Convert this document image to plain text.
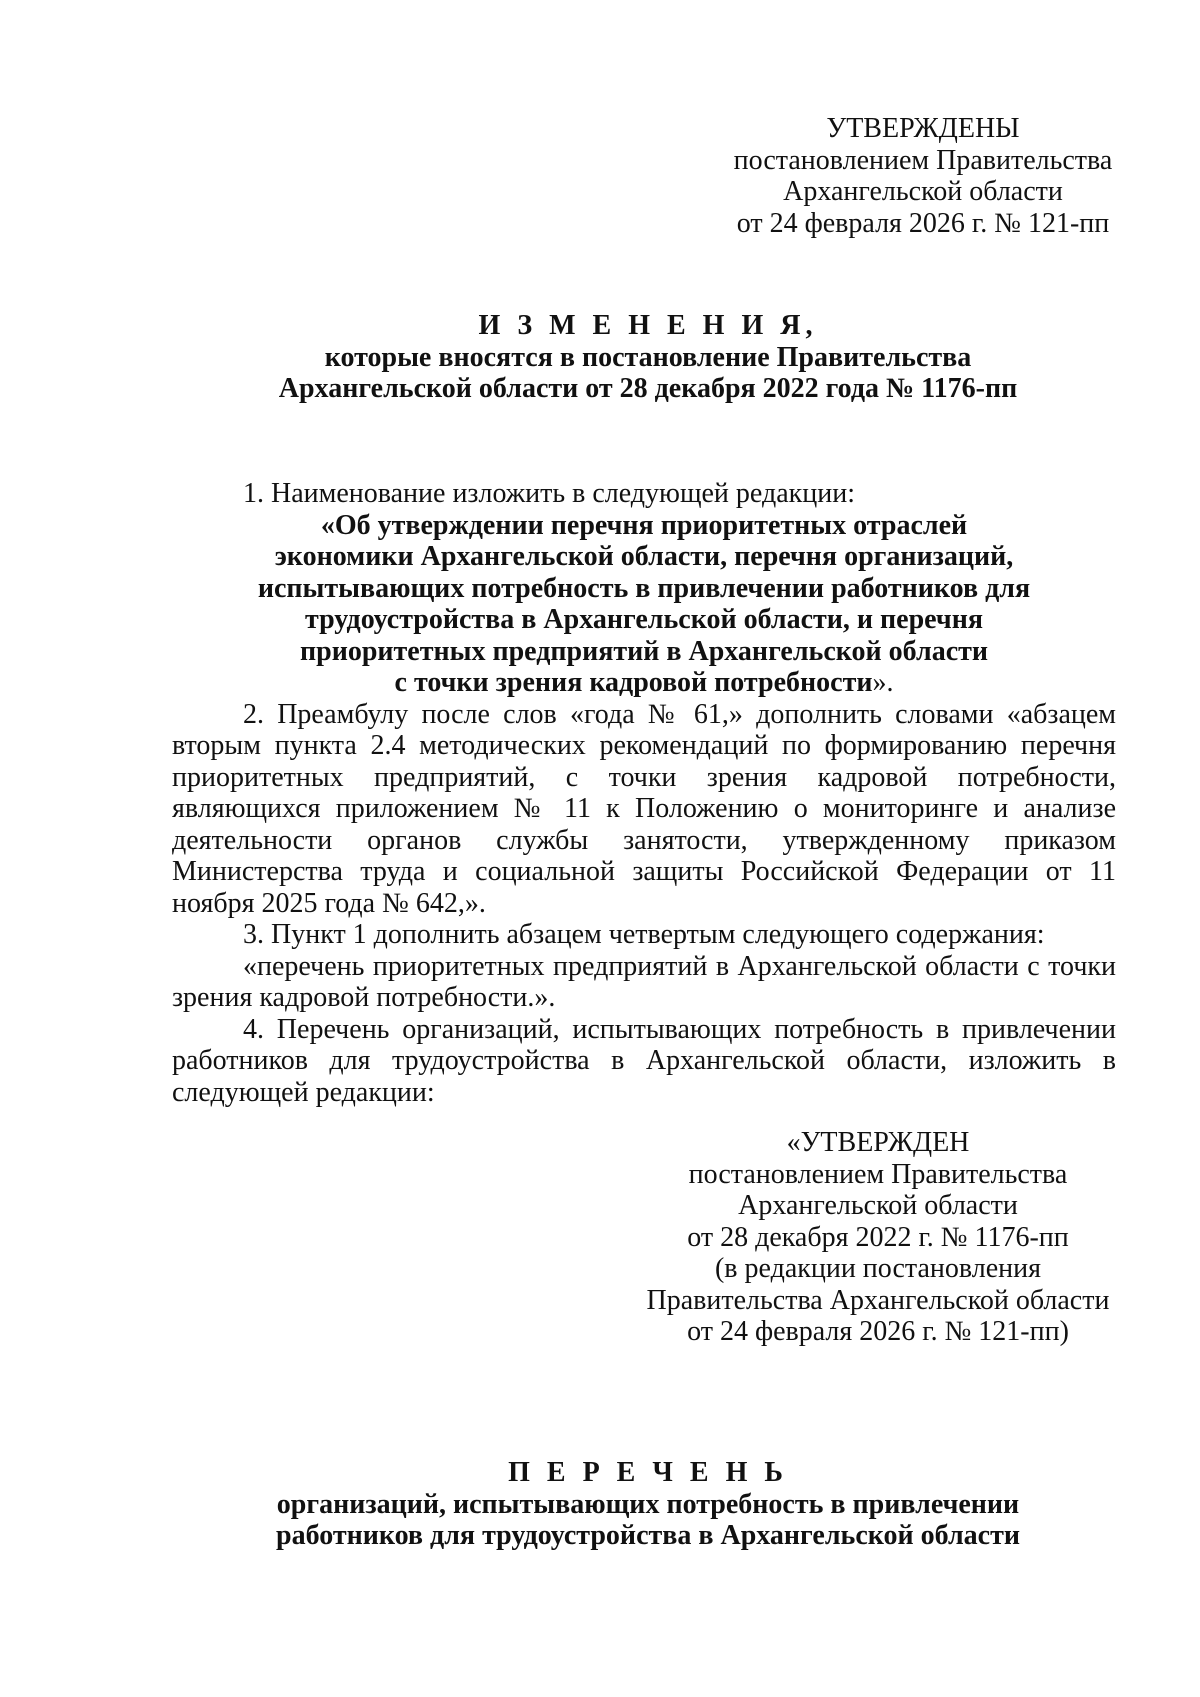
УТВЕРЖДЕНЫ
постановлением Правительства
Архангельской области
от 24 февраля 2026 г. № 121-пп
И З М Е Н Е Н И Я,
которые вносятся в постановление Правительства
Архангельской области от 28 декабря 2022 года № 1176-пп

1. Наименование изложить в следующей редакции:

«Об утверждении перечня приоритетных отраслей
экономики Архангельской области, перечня организаций,
испытывающих потребность в привлечении работников для
трудоустройства в Архангельской области, и перечня
приоритетных предприятий в Архангельской области
с точки зрения кадровой потребности».

2. Преамбулу после слов «года № 61,» дополнить словами «абзацем вторым пункта 2.4 методических рекомендаций по формированию перечня приоритетных предприятий, с точки зрения кадровой потребности, являющихся приложением № 11 к Положению о мониторинге и анализе деятельности органов службы занятости, утвержденному приказом Министерства труда и социальной защиты Российской Федерации от 11 ноября 2025 года № 642,».

3. Пункт 1 дополнить абзацем четвертым следующего содержания:

«перечень приоритетных предприятий в Архангельской области с точки зрения кадровой потребности.».

4. Перечень организаций, испытывающих потребность в привлечении работников для трудоустройства в Архангельской области, изложить в следующей редакции:

«УТВЕРЖДЕН
постановлением Правительства
Архангельской области
от 28 декабря 2022 г. № 1176-пп
(в редакции постановления
Правительства Архангельской области
от 24 февраля 2026 г. № 121-пп)
П Е Р Е Ч Е Н Ь
организаций, испытывающих потребность в привлечении
работников для трудоустройства в Архангельской области
